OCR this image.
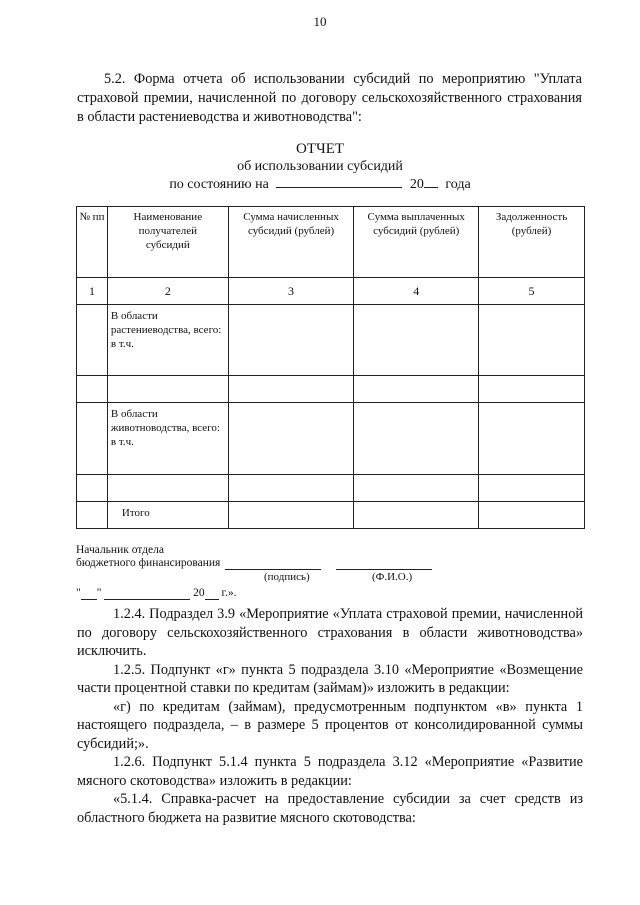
10

5.2. Форма отчета об использовании субсидий по мероприятию "Уплата страховой премии, начисленной по договору сельскохозяйственного страхования в области растениеводства и животноводства":

ОТЧЕТ
об использовании субсидий
по состоянию на	20 года
№ пп	Наименование получателей субсидий	Сумма начисленных субсидий (рублей)	Сумма выплаченных субсидий (рублей)	Задолженность (рублей)
1	2	3	4	5

	В области растениеводства, всего:
в т.ч.			

	В области животноводства, всего:
в т.ч.			

	Итого			
Начальник отдела
бюджетного финансирования
(подпись)	(Ф.И.О.)
" "	20 г.».

1.2.4. Подраздел 3.9 «Мероприятие «Уплата страховой премии, начисленной по договору сельскохозяйственного страхования в области животноводства» исключить.

1.2.5. Подпункт «г» пункта 5 подраздела 3.10 «Мероприятие «Возмещение части процентной ставки по кредитам (займам)» изложить в редакции:

«г) по кредитам (займам), предусмотренным подпунктом «в» пункта 1 настоящего подраздела, – в размере 5 процентов от консолидированной суммы субсидий;».

1.2.6. Подпункт 5.1.4 пункта 5 подраздела 3.12 «Мероприятие «Развитие мясного скотоводства» изложить в редакции:

«5.1.4. Справка-расчет на предоставление субсидии за счет средств из областного бюджета на развитие мясного скотоводства:
